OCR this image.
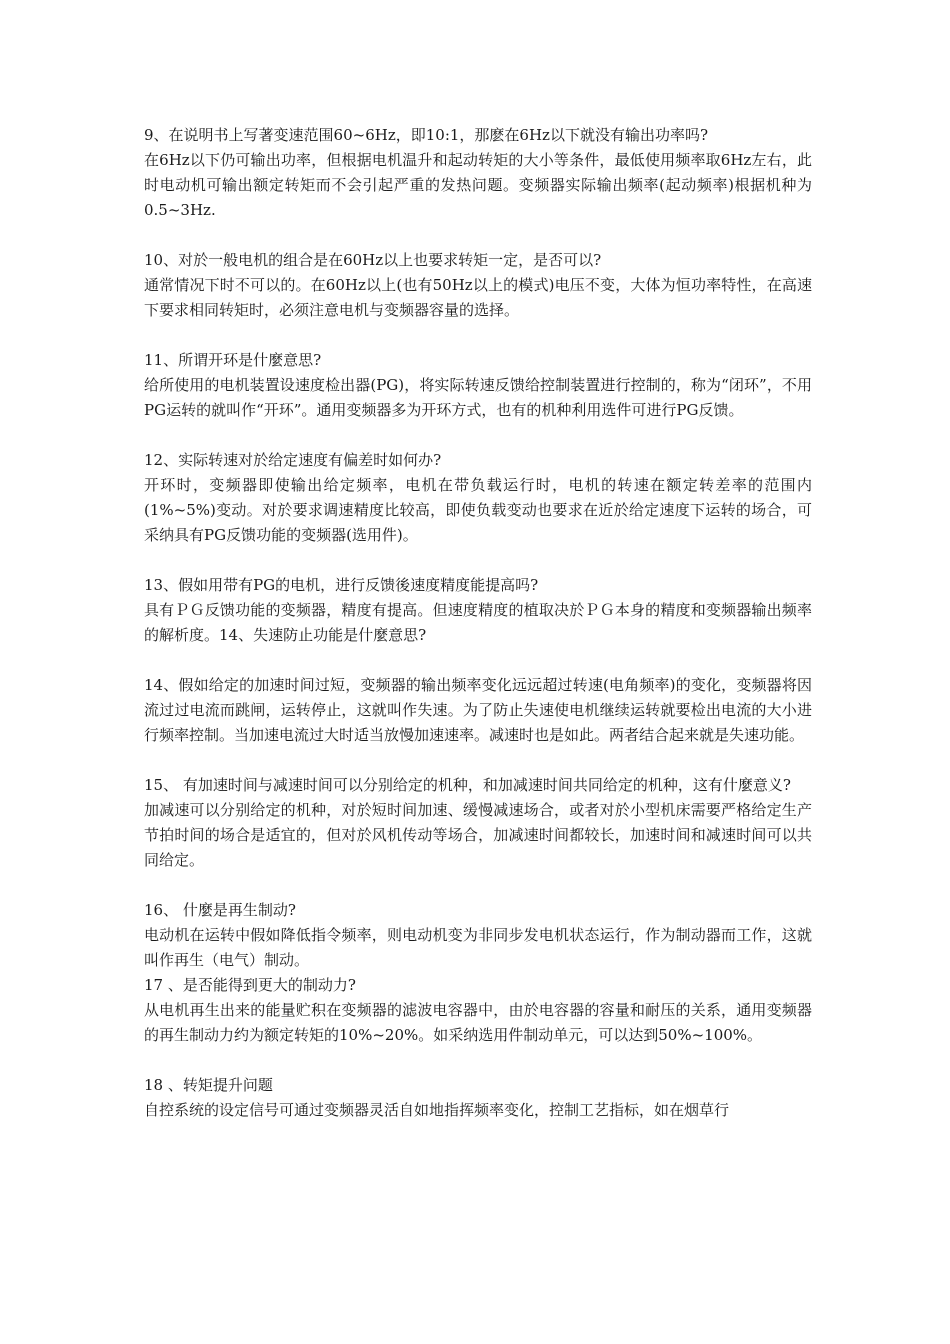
9、在说明书上写著变速范围60~6Hz，即10:1，那麽在6Hz以下就没有输出功率吗?
在6Hz以下仍可输出功率，但根据电机温升和起动转矩的大小等条件，最低使用频率取6Hz左右，此时电动机可输出额定转矩而不会引起严重的发热问题。变频器实际输出频率(起动频率)根据机种为0.5~3Hz.
10、对於一般电机的组合是在60Hz以上也要求转矩一定，是否可以?
通常情况下时不可以的。在60Hz以上(也有50Hz以上的模式)电压不变，大体为恒功率特性，在高速下要求相同转矩时，必须注意电机与变频器容量的选择。
11、所谓开环是什麼意思?
给所使用的电机装置设速度检出器(PG)，将实际转速反馈给控制装置进行控制的，称为“闭环”，不用PG运转的就叫作“开环”。通用变频器多为开环方式，也有的机种利用选件可进行PG反馈。
12、实际转速对於给定速度有偏差时如何办?
开环时，变频器即使输出给定频率，电机在带负载运行时，电机的转速在额定转差率的范围内(1%~5%)变动。对於要求调速精度比较高，即使负载变动也要求在近於给定速度下运转的场合，可采纳具有PG反馈功能的变频器(选用件)。
13、假如用带有PG的电机，进行反馈後速度精度能提高吗?
具有ＰＧ反馈功能的变频器，精度有提高。但速度精度的植取决於ＰＧ本身的精度和变频器输出频率的解析度。14、失速防止功能是什麼意思?
14、假如给定的加速时间过短，变频器的输出频率变化远远超过转速(电角频率)的变化，变频器将因流过过电流而跳闸，运转停止，这就叫作失速。为了防止失速使电机继续运转就要检出电流的大小进行频率控制。当加速电流过大时适当放慢加速速率。减速时也是如此。两者结合起来就是失速功能。
15、 有加速时间与减速时间可以分别给定的机种，和加减速时间共同给定的机种，这有什麼意义?
加减速可以分别给定的机种，对於短时间加速、缓慢减速场合，或者对於小型机床需要严格给定生产节拍时间的场合是适宜的，但对於风机传动等场合，加减速时间都较长，加速时间和减速时间可以共同给定。
16、 什麼是再生制动?
电动机在运转中假如降低指令频率，则电动机变为非同步发电机状态运行，作为制动器而工作，这就叫作再生（电气）制动。
17 、是否能得到更大的制动力?
从电机再生出来的能量贮积在变频器的滤波电容器中，由於电容器的容量和耐压的关系，通用变频器的再生制动力约为额定转矩的10%~20%。如采纳选用件制动单元，可以达到50%~100%。
18 、转矩提升问题
自控系统的设定信号可通过变频器灵活自如地指挥频率变化，控制工艺指标，如在烟草行
